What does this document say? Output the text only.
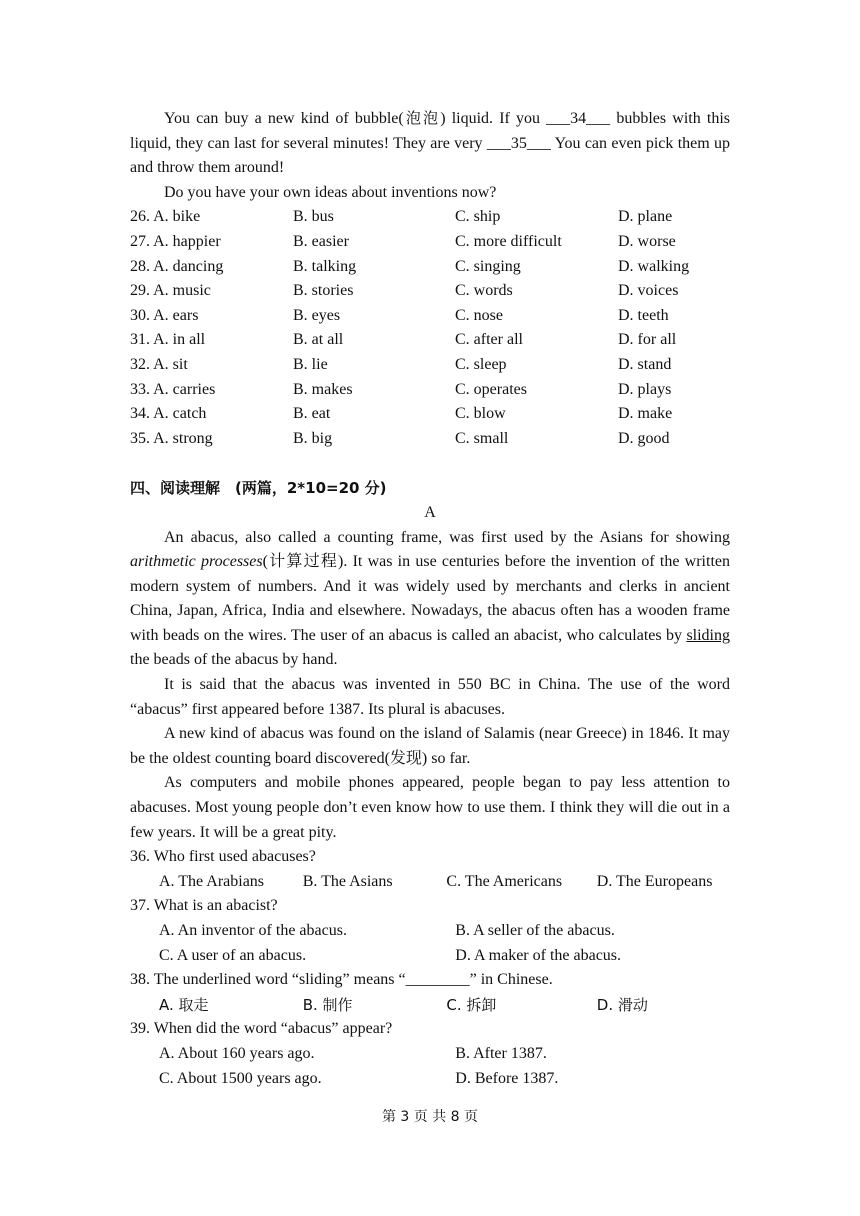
You can buy a new kind of bubble(泡泡) liquid. If you ___34___ bubbles with this liquid, they can last for several minutes! They are very ___35___ You can even pick them up and throw them around!

Do you have your own ideas about inventions now?

26. A. bike	B. bus	C. ship	D. plane
27. A. happier	B. easier	C. more difficult	D. worse
28. A. dancing	B. talking	C. singing	D. walking
29. A. music	B. stories	C. words	D. voices
30. A. ears	B. eyes	C. nose	D. teeth
31. A. in all	B. at all	C. after all	D. for all
32. A. sit	B. lie	C. sleep	D. stand
33. A. carries	B. makes	C. operates	D. plays
34. A. catch	B. eat	C. blow	D. make
35. A. strong	B. big	C. small	D. good

四、阅读理解　(两篇，2*10=20 分)

A

An abacus, also called a counting frame, was first used by the Asians for showing arithmetic processes(计算过程). It was in use centuries before the invention of the written modern system of numbers. And it was widely used by merchants and clerks in ancient China, Japan, Africa, India and elsewhere. Nowadays, the abacus often has a wooden frame with beads on the wires. The user of an abacus is called an abacist, who calculates by sliding the beads of the abacus by hand.

It is said that the abacus was invented in 550 BC in China. The use of the word “abacus” first appeared before 1387. Its plural is abacuses.

A new kind of abacus was found on the island of Salamis (near Greece) in 1846. It may be the oldest counting board discovered(发现) so far.

As computers and mobile phones appeared, people began to pay less attention to abacuses. Most young people don’t even know how to use them. I think they will die out in a few years. It will be a great pity.

36. Who first used abacuses?

A. The Arabians	B. The Asians	C. The Americans	D. The Europeans

37. What is an abacist?

A. An inventor of the abacus.	B. A seller of the abacus.
C. A user of an abacus.	D. A maker of the abacus.

38. The underlined word “sliding” means “________” in Chinese.

A. 取走	B. 制作	C. 拆卸	D. 滑动

39. When did the word “abacus” appear?

A. About 160 years ago.	B. After 1387.
C. About 1500 years ago.	D. Before 1387.
第 3 页 共 8 页
